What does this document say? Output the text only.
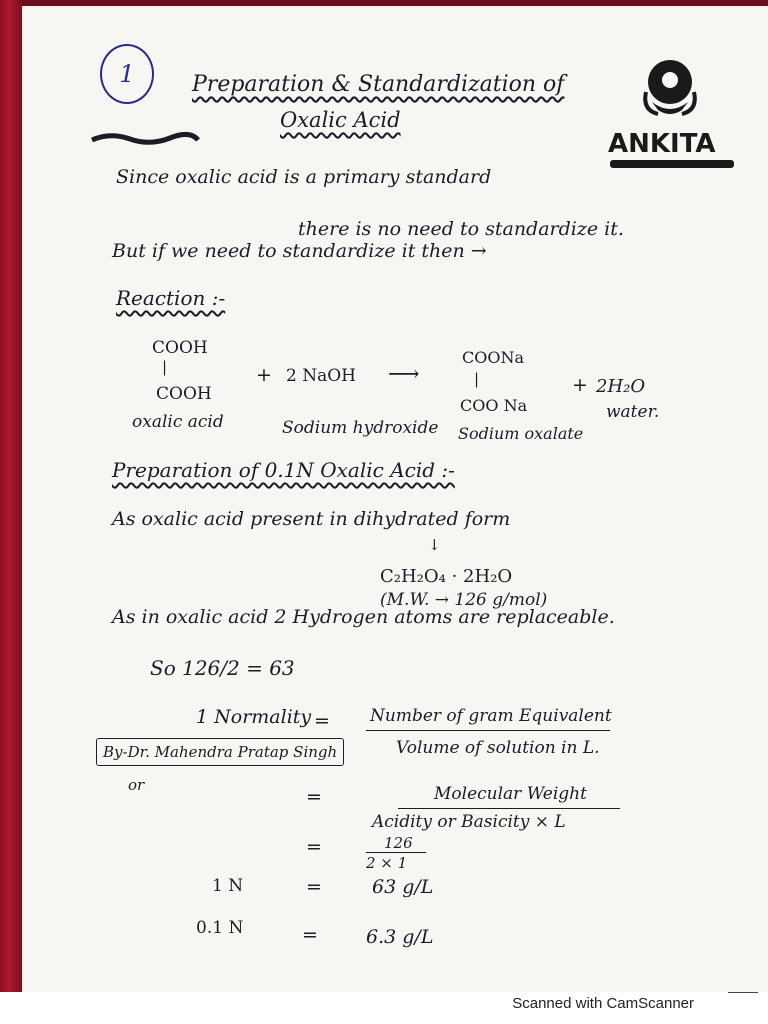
1	Preparation & Standardization of
Oxalic Acid
ANKITA
Since oxalic acid is a primary standard
there is no need to standardize it.
But if we need to standardize it then →
Reaction :-
COOH
|
COOH
+ 2 NaOH ⟶
COONa
|
COO Na
+ 2H₂O
oxalic acid	Sodium hydroxide Sodium oxalate
water.
Preparation of 0.1N Oxalic Acid :-
As oxalic acid present in dihydrated form
↓
C₂H₂O₄ · 2H₂O
(M.W. → 126 g/mol)
As in oxalic acid 2 Hydrogen atoms are replaceable.
So 126/2 = 63
1 Normality = Number of gram Equivalent
Volume of solution in L.
By-Dr. Mahendra Pratap Singh
or
=	Molecular Weight
Acidity or Basicity × L
=	126
2 × 1
1 N	=	63 g/L
0.1 N	=	6.3 g/L
Scanned with CamScanner
